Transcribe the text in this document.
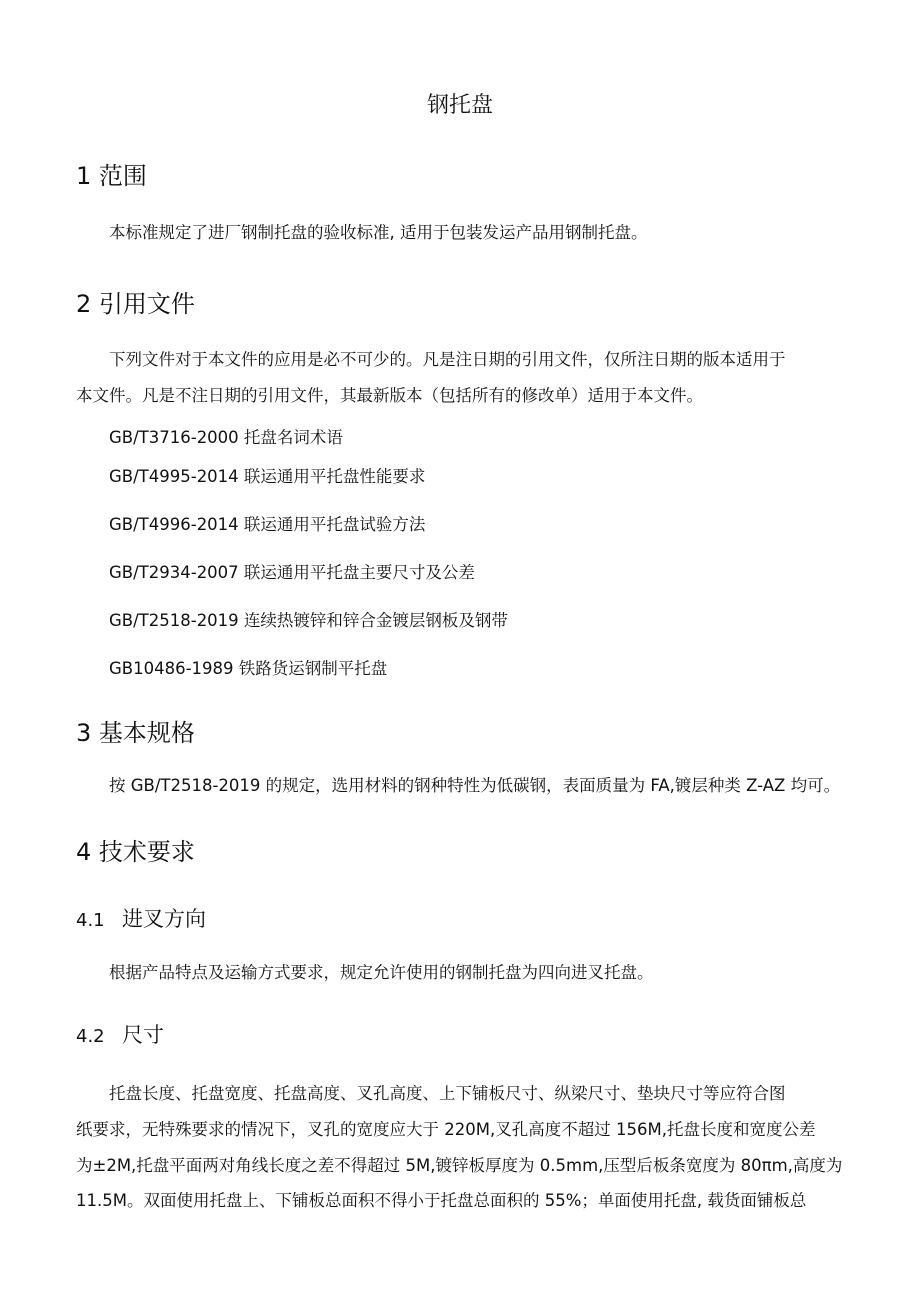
钢托盘
1 范围
本标准规定了进厂钢制托盘的验收标准, 适用于包装发运产品用钢制托盘。
2 引用文件
下列文件对于本文件的应用是必不可少的。凡是注日期的引用文件，仅所注日期的版本适用于
本文件。凡是不注日期的引用文件，其最新版本（包括所有的修改单）适用于本文件。
GB/T3716-2000 托盘名词术语
GB/T4995-2014 联运通用平托盘性能要求
GB/T4996-2014 联运通用平托盘试验方法
GB/T2934-2007 联运通用平托盘主要尺寸及公差
GB/T2518-2019 连续热镀锌和锌合金镀层钢板及钢带
GB10486-1989 铁路货运钢制平托盘
3 基本规格
按 GB/T2518-2019 的规定，选用材料的钢种特性为低碳钢，表面质量为 FA,镀层种类 Z-AZ 均可。
4 技术要求
4.1 进叉方向
根据产品特点及运输方式要求，规定允许使用的钢制托盘为四向进叉托盘。
4.2 尺寸
托盘长度、托盘宽度、托盘高度、叉孔高度、上下铺板尺寸、纵梁尺寸、垫块尺寸等应符合图
纸要求，无特殊要求的情况下，叉孔的宽度应大于 220M,叉孔高度不超过 156M,托盘长度和宽度公差
为±2M,托盘平面两对角线长度之差不得超过 5M,镀锌板厚度为 0.5mm,压型后板条宽度为 80πm,高度为
11.5M。双面使用托盘上、下铺板总面积不得小于托盘总面积的 55%；单面使用托盘, 载货面铺板总
